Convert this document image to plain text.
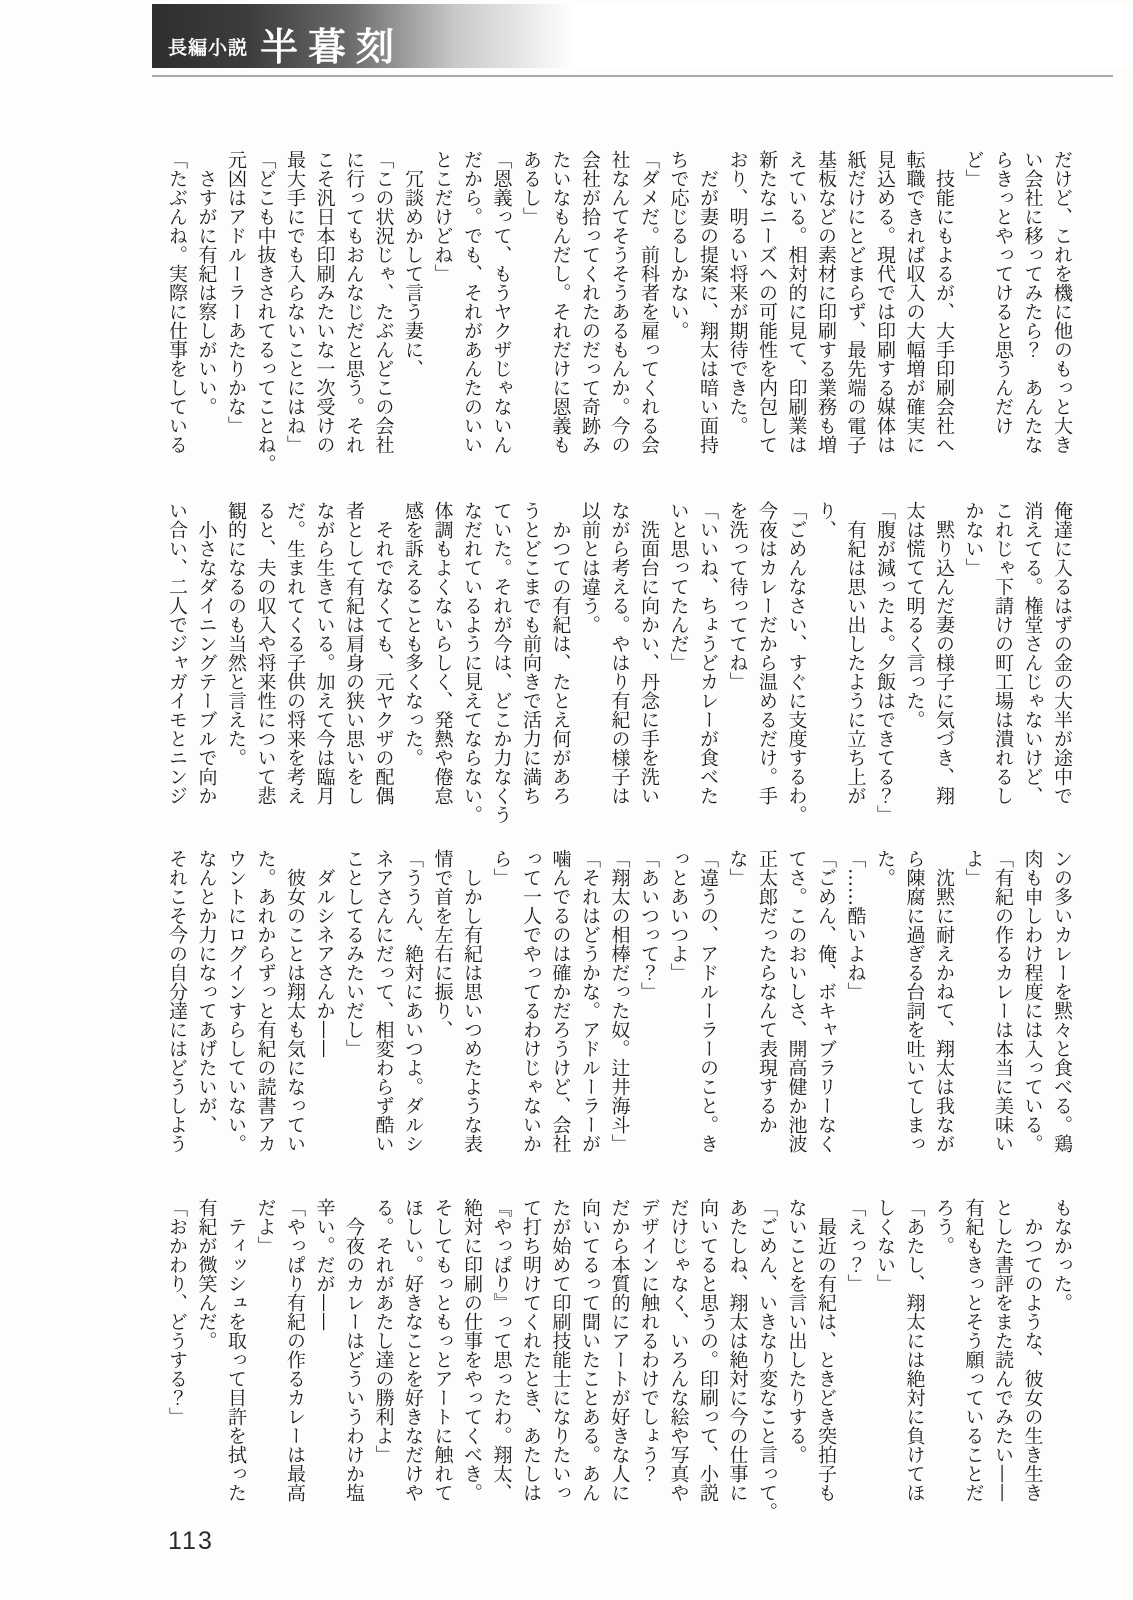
長編小説 半暮刻

だけど、これを機に他のもっと大き

い会社に移ってみたら？　あんたな

らきっとやってけると思うんだけ

ど」

　技能にもよるが、大手印刷会社へ

転職できれば収入の大幅増が確実に

見込める。現代では印刷する媒体は

紙だけにとどまらず、最先端の電子

基板などの素材に印刷する業務も増

えている。相対的に見て、印刷業は

新たなニーズへの可能性を内包して

おり、明るい将来が期待できた。

　だが妻の提案に、翔太は暗い面持

ちで応じるしかない。

「ダメだ。前科者を雇ってくれる会

社なんてそうそうあるもんか。今の

会社が拾ってくれたのだって奇跡み

たいなもんだし。それだけに恩義も

あるし」

「恩義って、もうヤクザじゃないん

だから。でも、それがあんたのいい

とこだけどね」

　冗談めかして言う妻に、

「この状況じゃ、たぶんどこの会社

に行ってもおんなじだと思う。それ

こそ汎日本印刷みたいな一次受けの

最大手にでも入らないことにはね」

「どこも中抜きされてるってことね。

元凶はアドルーラーあたりかな」

　さすがに有紀は察しがいい。

「たぶんね。実際に仕事をしている

俺達に入るはずの金の大半が途中で

消えてる。権堂さんじゃないけど、

これじゃ下請けの町工場は潰れるし

かない」

　黙り込んだ妻の様子に気づき、翔

太は慌てて明るく言った。

「腹が減ったよ。夕飯はできてる？」

　有紀は思い出したように立ち上が

り、

「ごめんなさい、すぐに支度するわ。

今夜はカレーだから温めるだけ。手

を洗って待っててね」

「いいね、ちょうどカレーが食べた

いと思ってたんだ」

　洗面台に向かい、丹念に手を洗い

ながら考える。やはり有紀の様子は

以前とは違う。

　かつての有紀は、たとえ何があろ

うとどこまでも前向きで活力に満ち

ていた。それが今は、どこか力なくう

なだれているように見えてならない。

体調もよくないらしく、発熱や倦怠

感を訴えることも多くなった。

　それでなくても、元ヤクザの配偶

者として有紀は肩身の狭い思いをし

ながら生きている。加えて今は臨月

だ。生まれてくる子供の将来を考え

ると、夫の収入や将来性について悲

観的になるのも当然と言えた。

　小さなダイニングテーブルで向か

い合い、二人でジャガイモとニンジ

ンの多いカレーを黙々と食べる。鶏

肉も申しわけ程度には入っている。

「有紀の作るカレーは本当に美味い

よ」

　沈黙に耐えかねて、翔太は我なが

ら陳腐に過ぎる台詞を吐いてしまっ

た。

「……酷いよね」

「ごめん、俺、ボキャブラリーなく

てさ。このおいしさ、開高健か池波

正太郎だったらなんて表現するか

な」

「違うの、アドルーラーのこと。き

っとあいつよ」

「あいつって？」

「翔太の相棒だった奴。辻井海斗」

「それはどうかな。アドルーラーが

噛んでるのは確かだろうけど、会社

って一人でやってるわけじゃないか

ら」

　しかし有紀は思いつめたような表

情で首を左右に振り、

「ううん、絶対にあいつよ。ダルシ

ネアさんにだって、相変わらず酷い

ことしてるみたいだし」

　ダルシネアさんか——

　彼女のことは翔太も気になってい

た。あれからずっと有紀の読書アカ

ウントにログインすらしていない。

なんとか力になってあげたいが、

それこそ今の自分達にはどうしよう

もなかった。

　かつてのような、彼女の生き生き

とした書評をまた読んでみたい——

有紀もきっとそう願っていることだ

ろう。

「あたし、翔太には絶対に負けてほ

しくない」

「えっ？」

　最近の有紀は、ときどき突拍子も

ないことを言い出したりする。

「ごめん、いきなり変なこと言って。

あたしね、翔太は絶対に今の仕事に

向いてると思うの。印刷って、小説

だけじゃなく、いろんな絵や写真や

デザインに触れるわけでしょう？

だから本質的にアートが好きな人に

向いてるって聞いたことある。あん

たが始めて印刷技能士になりたいっ

て打ち明けてくれたとき、あたしは

『やっぱり』って思ったわ。翔太、

絶対に印刷の仕事をやってくべき。

そしてもっともっとアートに触れて

ほしい。好きなことを好きなだけや

る。それがあたし達の勝利よ」

　今夜のカレーはどういうわけか塩

辛い。だが——

「やっぱり有紀の作るカレーは最高

だよ」

　ティッシュを取って目許を拭った

有紀が微笑んだ。

「おかわり、どうする？」

113
